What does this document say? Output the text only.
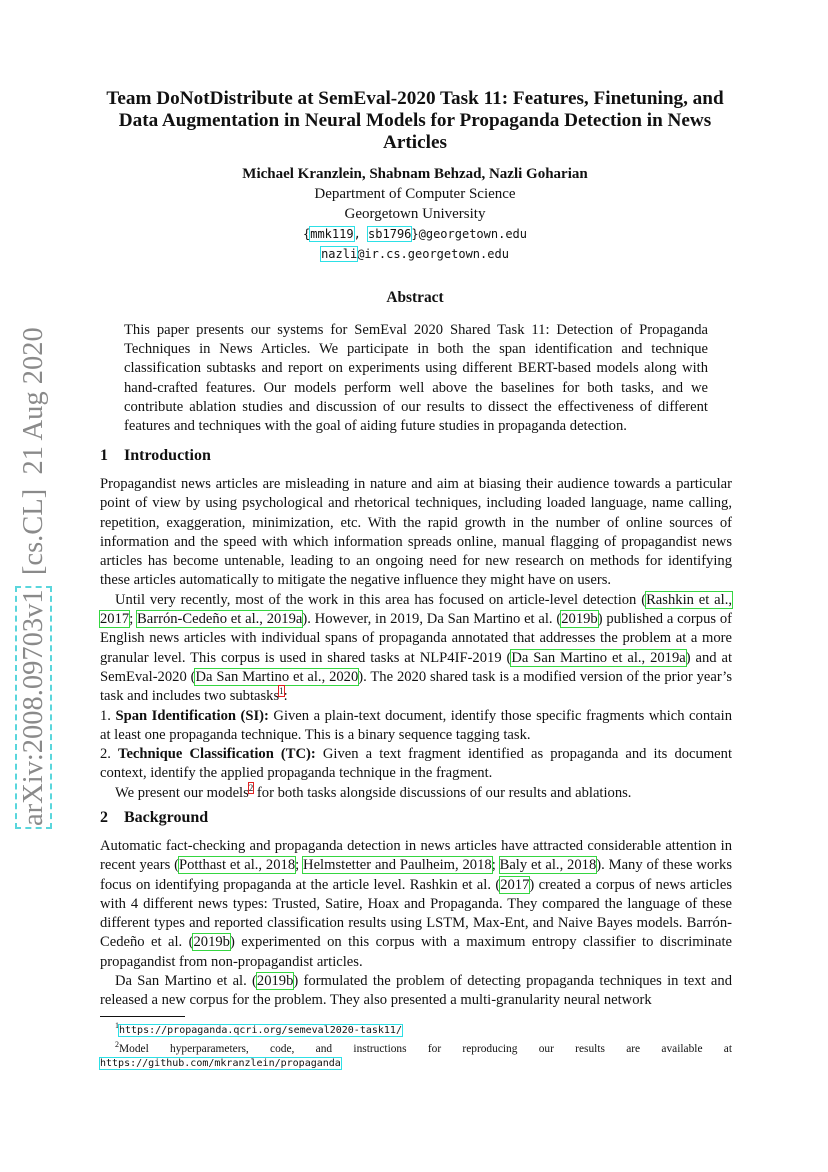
arXiv:2008.09703v1  [cs.CL]  21 Aug 2020
Team DoNotDistribute at SemEval-2020 Task 11: Features, Finetuning, and Data Augmentation in Neural Models for Propaganda Detection in News Articles
Michael Kranzlein, Shabnam Behzad, Nazli Goharian
Department of Computer Science
Georgetown University
{mmk119, sb1796}@georgetown.edu
nazli@ir.cs.georgetown.edu
Abstract
This paper presents our systems for SemEval 2020 Shared Task 11: Detection of Propaganda Techniques in News Articles. We participate in both the span identification and technique classification subtasks and report on experiments using different BERT-based models along with hand-crafted features. Our models perform well above the baselines for both tasks, and we contribute ablation studies and discussion of our results to dissect the effectiveness of different features and techniques with the goal of aiding future studies in propaganda detection.
1 Introduction

Propagandist news articles are misleading in nature and aim at biasing their audience towards a particular point of view by using psychological and rhetorical techniques, including loaded language, name calling, repetition, exaggeration, minimization, etc. With the rapid growth in the number of online sources of information and the speed with which information spreads online, manual flagging of propagandist news articles has become untenable, leading to an ongoing need for new research on methods for identifying these articles automatically to mitigate the negative influence they might have on users.

Until very recently, most of the work in this area has focused on article-level detection (Rashkin et al., 2017; Barrón-Cedeño et al., 2019a). However, in 2019, Da San Martino et al. (2019b) published a corpus of English news articles with individual spans of propaganda annotated that addresses the problem at a more granular level. This corpus is used in shared tasks at NLP4IF-2019 (Da San Martino et al., 2019a) and at SemEval-2020 (Da San Martino et al., 2020). The 2020 shared task is a modified version of the prior year’s task and includes two subtasks$^1$:

1. Span Identification (SI): Given a plain-text document, identify those specific fragments which contain at least one propaganda technique. This is a binary sequence tagging task.

2. Technique Classification (TC): Given a text fragment identified as propaganda and its document context, identify the applied propaganda technique in the fragment.

We present our models$^2$ for both tasks alongside discussions of our results and ablations.

2 Background

Automatic fact-checking and propaganda detection in news articles have attracted considerable attention in recent years (Potthast et al., 2018; Helmstetter and Paulheim, 2018; Baly et al., 2018). Many of these works focus on identifying propaganda at the article level. Rashkin et al. (2017) created a corpus of news articles with 4 different news types: Trusted, Satire, Hoax and Propaganda. They compared the language of these different types and reported classification results using LSTM, Max-Ent, and Naive Bayes models. Barrón-Cedeño et al. (2019b) experimented on this corpus with a maximum entropy classifier to discriminate propagandist from non-propagandist articles.

Da San Martino et al. (2019b) formulated the problem of detecting propaganda techniques in text and released a new corpus for the problem. They also presented a multi-granularity neural network

$^1$https://propaganda.qcri.org/semeval2020-task11/

$^2$Model hyperparameters, code, and instructions for reproducing our results are available at https://github.com/mkranzlein/propaganda
